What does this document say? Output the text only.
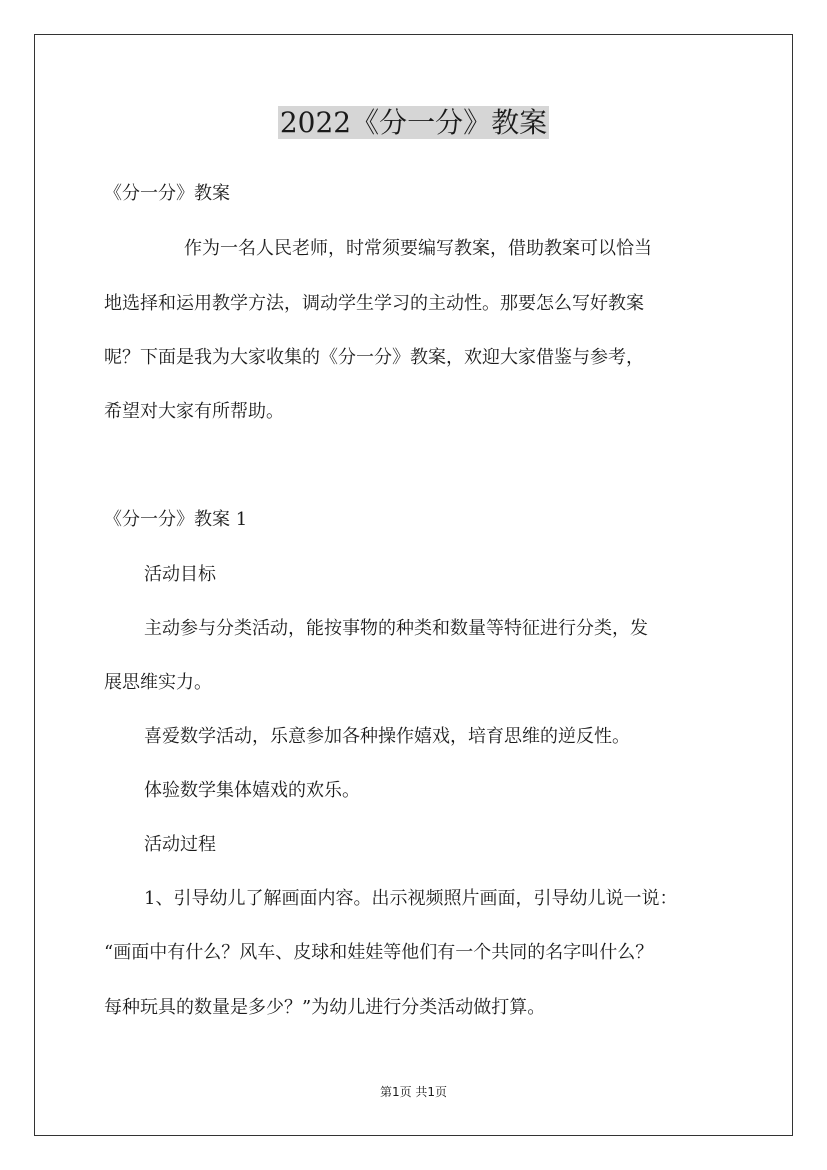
2022《分一分》教案
《分一分》教案
作为一名人民老师，时常须要编写教案，借助教案可以恰当
地选择和运用教学方法，调动学生学习的主动性。那要怎么写好教案
呢？下面是我为大家收集的《分一分》教案，欢迎大家借鉴与参考，
希望对大家有所帮助。
《分一分》教案 1
活动目标
主动参与分类活动，能按事物的种类和数量等特征进行分类，发
展思维实力。
喜爱数学活动，乐意参加各种操作嬉戏，培育思维的逆反性。
体验数学集体嬉戏的欢乐。
活动过程
1、引导幼儿了解画面内容。出示视频照片画面，引导幼儿说一说：
“画面中有什么？风车、皮球和娃娃等他们有一个共同的名字叫什么？
每种玩具的数量是多少？”为幼儿进行分类活动做打算。
第1页 共1页
